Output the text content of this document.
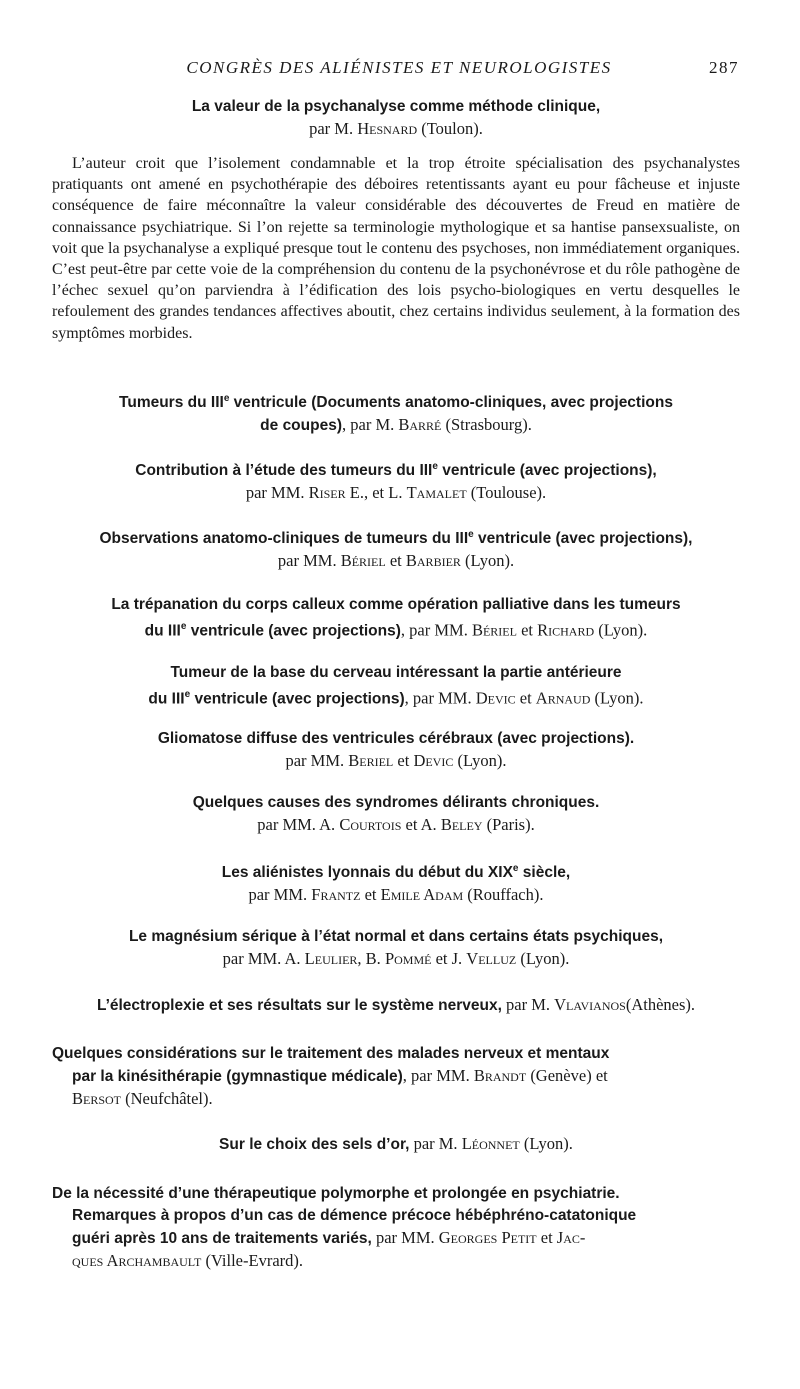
CONGRÈS DES ALIÉNISTES ET NEUROLOGISTES	287
La valeur de la psychanalyse comme méthode clinique,
par M. Hesnard (Toulon).
L’auteur croit que l’isolement condamnable et la trop étroite spécialisation des psychanalystes pratiquants ont amené en psychothérapie des déboires retentissants ayant eu pour fâcheuse et injuste conséquence de faire méconnaître la valeur considérable des découvertes de Freud en matière de connaissance psychiatrique. Si l’on rejette sa terminologie mythologique et sa hantise pansexsualiste, on voit que la psychanalyse a expliqué presque tout le contenu des psychoses, non immédiatement organiques. C’est peut-être par cette voie de la compréhension du contenu de la psychonévrose et du rôle pathogène de l’échec sexuel qu’on parviendra à l’édification des lois psycho-biologiques en vertu desquelles le refoulement des grandes tendances affectives aboutit, chez certains individus seulement, à la formation des symptômes morbides.
Tumeurs du IIIe ventricule (Documents anatomo-cliniques, avec projections
de coupes), par M. Barré (Strasbourg).
Contribution à l’étude des tumeurs du IIIe ventricule (avec projections),
par MM. Riser E., et L. Tamalet (Toulouse).
Observations anatomo-cliniques de tumeurs du IIIe ventricule (avec projections),
par MM. Bériel et Barbier (Lyon).
La trépanation du corps calleux comme opération palliative dans les tumeurs
du IIIe ventricule (avec projections), par MM. Bériel et Richard (Lyon).
Tumeur de la base du cerveau intéressant la partie antérieure
du IIIe ventricule (avec projections), par MM. Devic et Arnaud (Lyon).
Gliomatose diffuse des ventricules cérébraux (avec projections).
par MM. Beriel et Devic (Lyon).
Quelques causes des syndromes délirants chroniques.
par MM. A. Courtois et A. Beley (Paris).
Les aliénistes lyonnais du début du XIXe siècle,
par MM. Frantz et Emile Adam (Rouffach).
Le magnésium sérique à l’état normal et dans certains états psychiques,
par MM. A. Leulier, B. Pommé et J. Velluz (Lyon).
L’électroplexie et ses résultats sur le système nerveux, par M. Vlavianos(Athènes).
Quelques considérations sur le traitement des malades nerveux et mentaux
par la kinésithérapie (gymnastique médicale), par MM. Brandt (Genève) et
Bersot (Neufchâtel).
Sur le choix des sels d’or, par M. Léonnet (Lyon).
De la nécessité d’une thérapeutique polymorphe et prolongée en psychiatrie.
Remarques à propos d’un cas de démence précoce hébéphréno-catatonique
guéri après 10 ans de traitements variés, par MM. Georges Petit et Jac-
ques Archambault (Ville-Evrard).
